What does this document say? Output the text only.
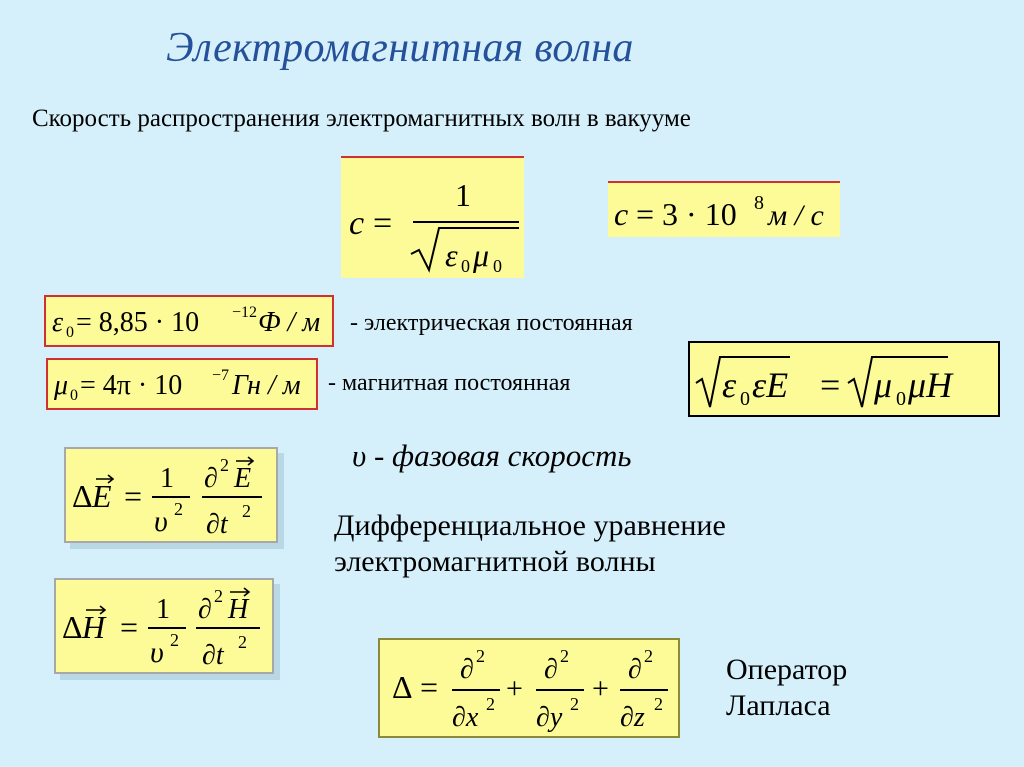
Электромагнитная волна
Скорость распространения электромагнитных волн в вакууме
c =
1
ε 0 μ 0
c = 3 · 10 8 м / c
ε 0 = 8,85 · 10 −12 Ф / м - электрическая постоянная
μ 0 = 4π · 10 −7 Гн / м - магнитная постоянная	ε 0 εE = μ 0 μH
υ - фазовая скорость
Δ E = 1
υ 2
∂ 2 E
∂t 2	Дифференциальное уравнение
электромагнитной волны
Δ H = 1
υ 2
∂ 2 H
∂t 2
Δ = ∂ 2
∂x 2 +
∂ 2
∂y 2 +
∂ 2
∂z 2
Оператор
Лапласа
